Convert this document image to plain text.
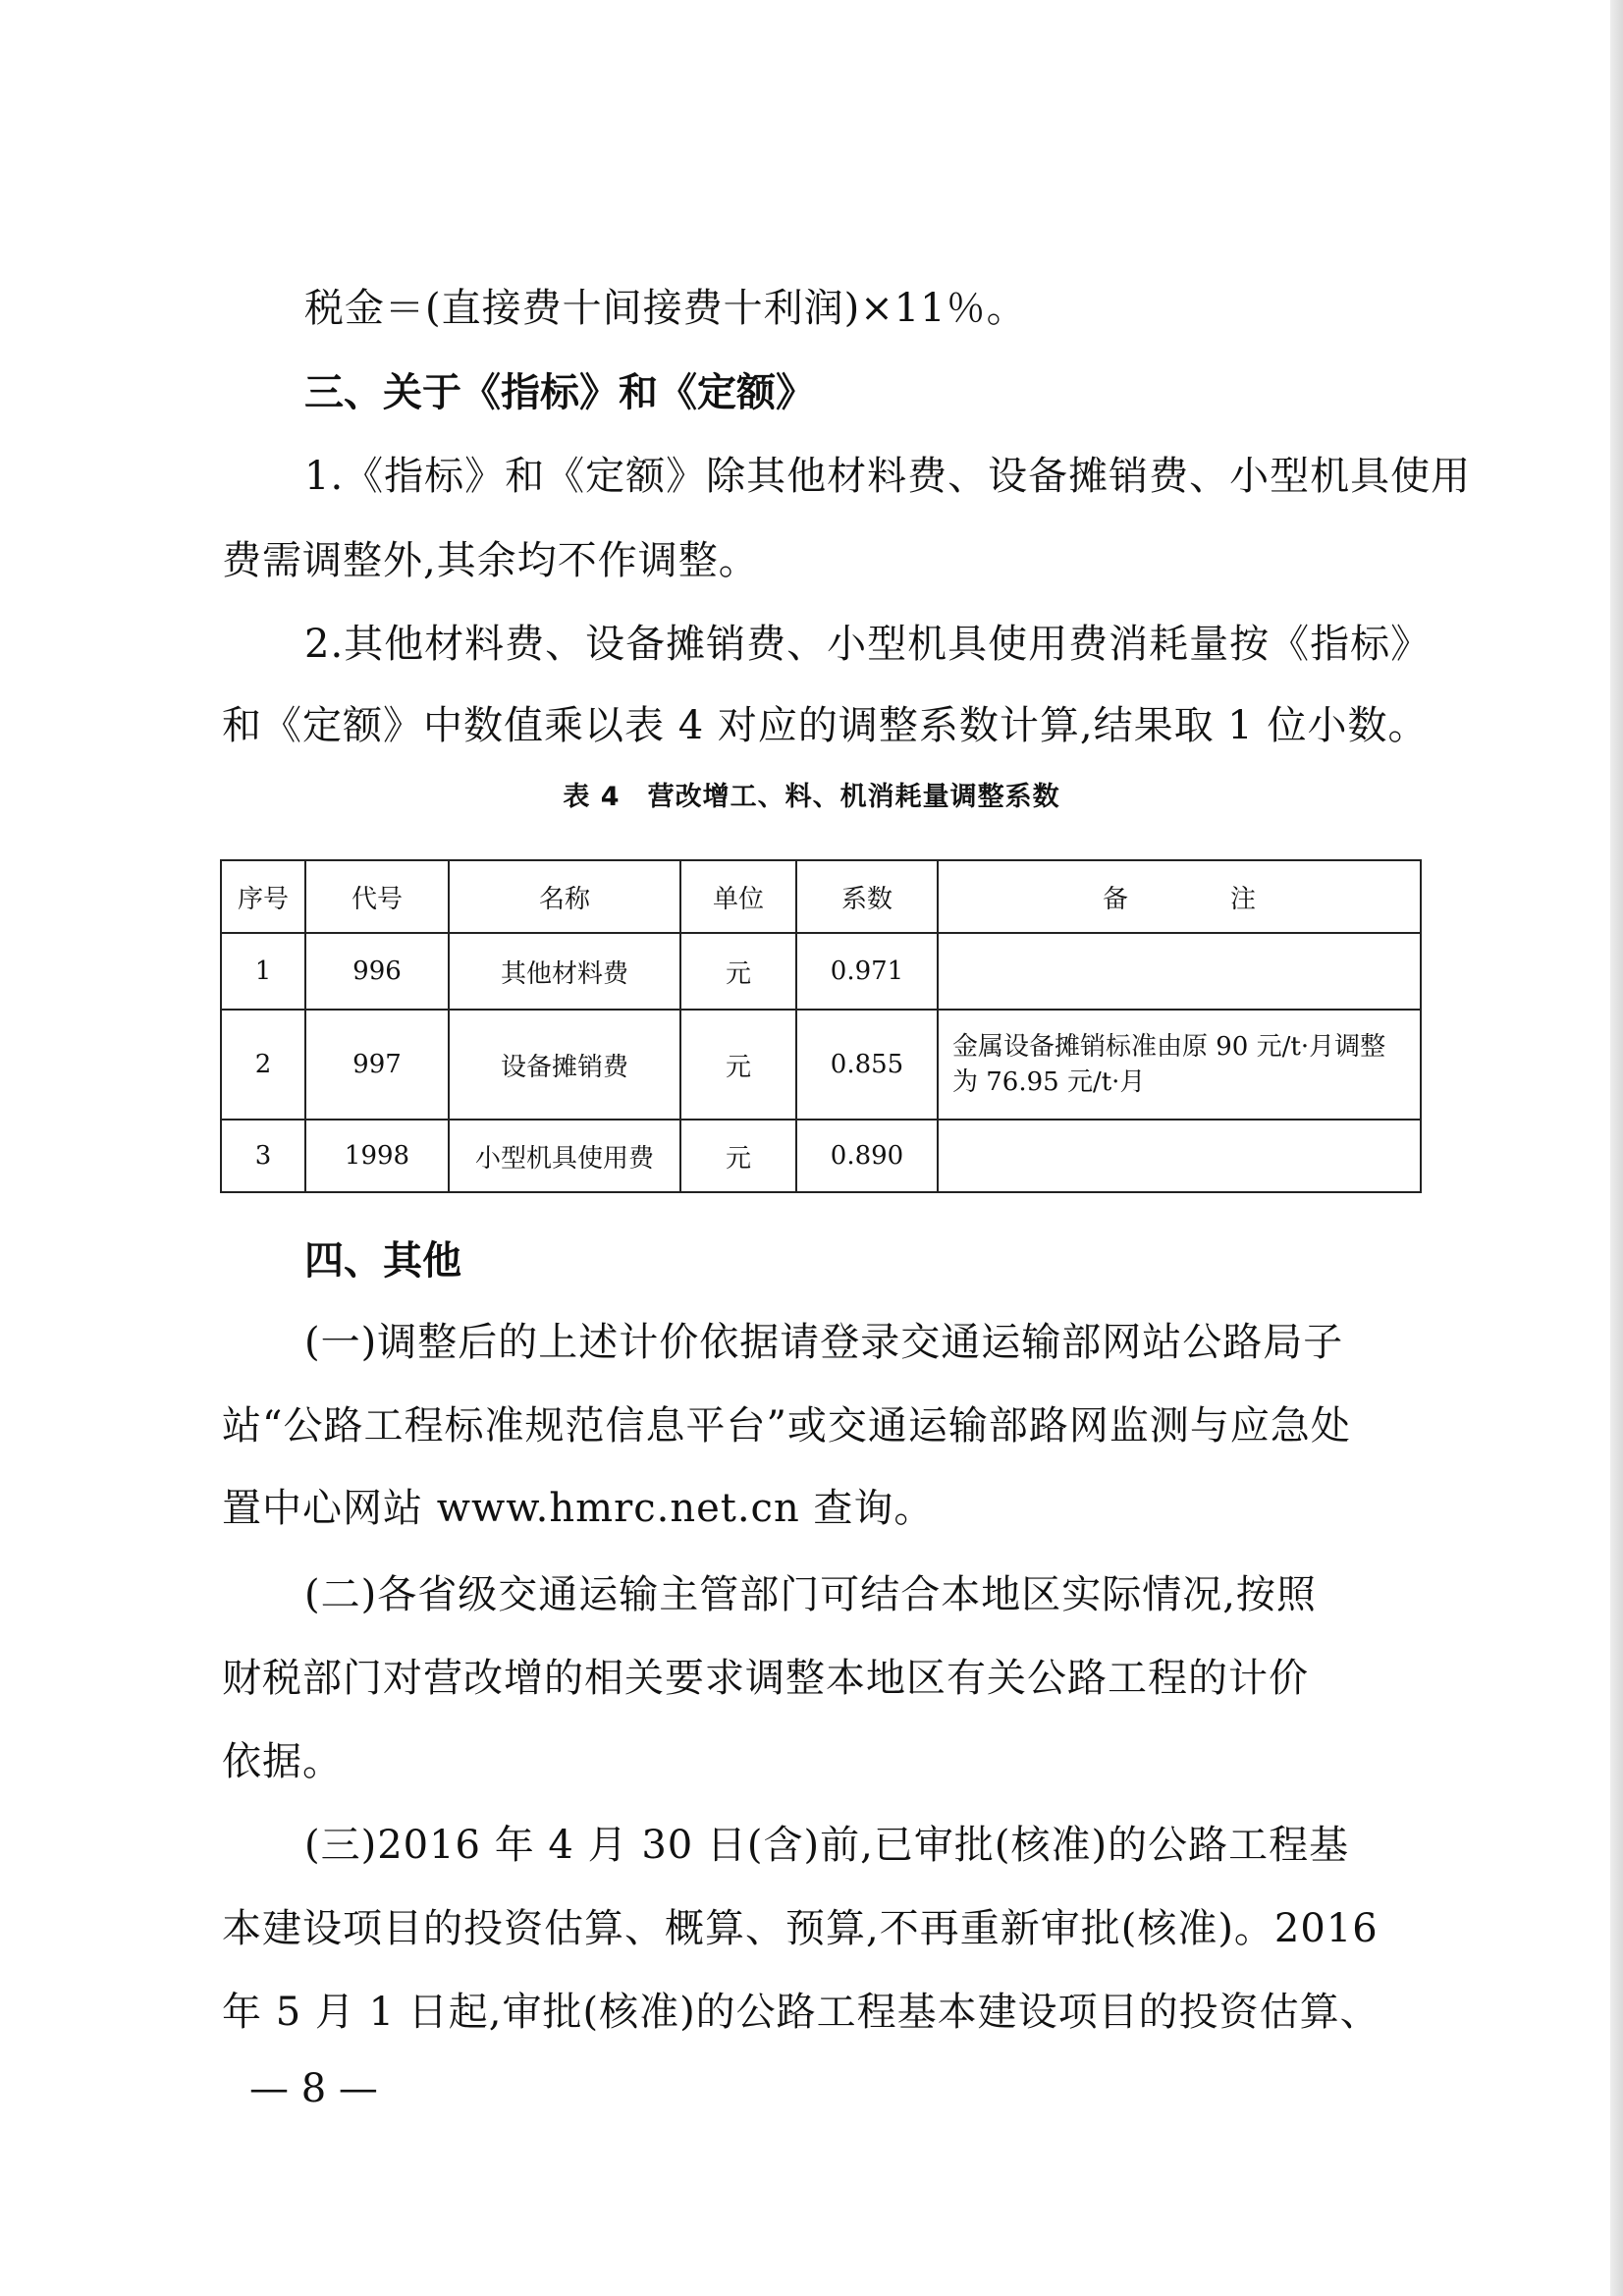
税金＝(直接费十间接费十利润)×11％。

三、关于《指标》和《定额》

1.《指标》和《定额》除其他材料费、设备摊销费、小型机具使用

费需调整外,其余均不作调整。

2.其他材料费、设备摊销费、小型机具使用费消耗量按《指标》

和《定额》中数值乘以表 4 对应的调整系数计算,结果取 1 位小数。

表 4　营改增工、料、机消耗量调整系数

序号	代号	名称	单位	系数	备　　　　注
1	996	其他材料费	元	0.971	
2	997	设备摊销费	元	0.855	金属设备摊销标准由原 90 元/t·月调整为 76.95 元/t·月
3	1998	小型机具使用费	元	0.890	

四、其他

(一)调整后的上述计价依据请登录交通运输部网站公路局子

站“公路工程标准规范信息平台”或交通运输部路网监测与应急处

置中心网站 www.hmrc.net.cn 查询。

(二)各省级交通运输主管部门可结合本地区实际情况,按照

财税部门对营改增的相关要求调整本地区有关公路工程的计价

依据。

(三)2016 年 4 月 30 日(含)前,已审批(核准)的公路工程基

本建设项目的投资估算、概算、预算,不再重新审批(核准)。2016

年 5 月 1 日起,审批(核准)的公路工程基本建设项目的投资估算、

— 8 —
